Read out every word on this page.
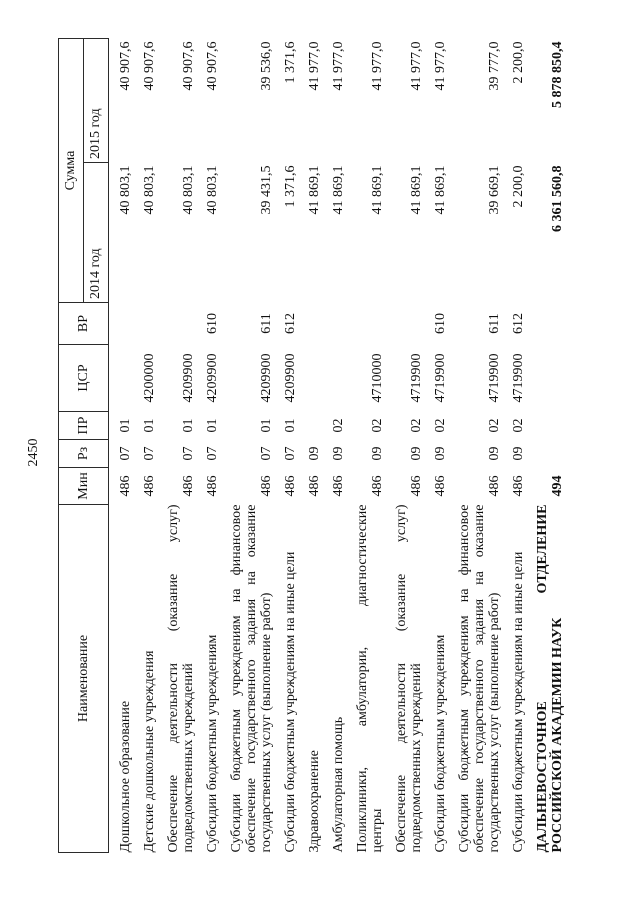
2450
Наименование	Мин	Рз	ПР	ЦСР	ВР	Сумма	
						2014 год	2015 год

Дошкольное образование	486	07	01			40 803,1	40 907,6

Детские дошкольные учреждения	486	07	01	4200000		40 803,1	40 907,6

Обеспечение деятельности (оказание услуг) подведомственных учреждений	486	07	01	4209900		40 803,1	40 907,6

Субсидии бюджетным учреждениям	486	07	01	4209900	610	40 803,1	40 907,6

Субсидии бюджетным учреждениям на финансовое обеспечение государственного задания на оказание государственных услуг (выполнение работ)	486	07	01	4209900	611	39 431,5	39 536,0

Субсидии бюджетным учреждениям на иные цели	486	07	01	4209900	612	1 371,6	1 371,6

Здравоохранение	486	09				41 869,1	41 977,0

Амбулаторная помощь	486	09	02			41 869,1	41 977,0

Поликлиники, амбулатории, диагностические центры	486	09	02	4710000		41 869,1	41 977,0

Обеспечение деятельности (оказание услуг) подведомственных учреждений	486	09	02	4719900		41 869,1	41 977,0

Субсидии бюджетным учреждениям	486	09	02	4719900	610	41 869,1	41 977,0

Субсидии бюджетным учреждениям на финансовое обеспечение государственного задания на оказание государственных услуг (выполнение работ)	486	09	02	4719900	611	39 669,1	39 777,0

Субсидии бюджетным учреждениям на иные цели	486	09	02	4719900	612	2 200,0	2 200,0

ДАЛЬНЕВОСТОЧНОЕ ОТДЕЛЕНИЕ РОССИЙСКОЙ АКАДЕМИИ НАУК	494					6 361 560,8	5 878 850,4
